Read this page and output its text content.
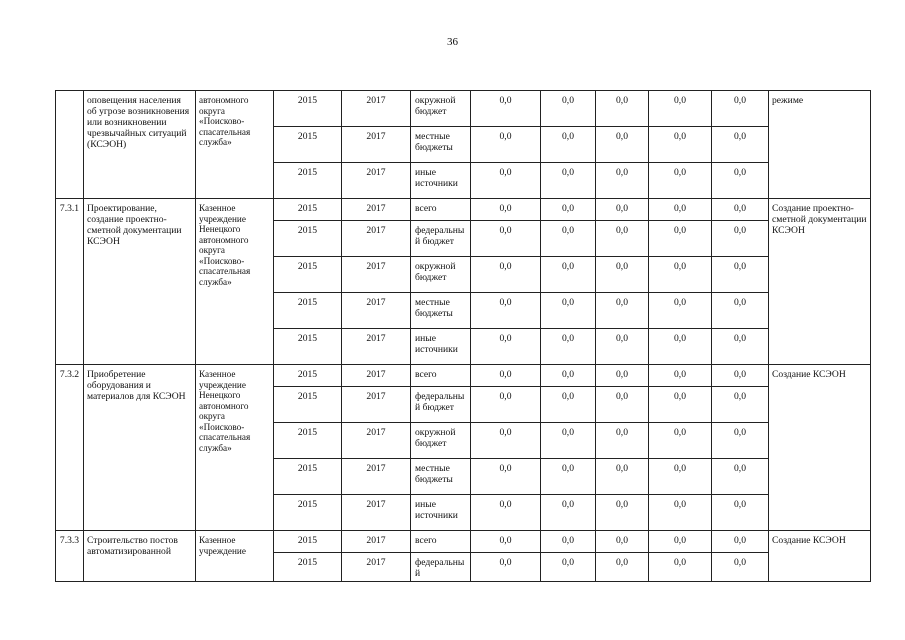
36
	оповещения населения об угрозе возникновения или возникновении чрезвычайных ситуаций (КСЭОН)	автономного округа «Поисково-спасательная служба»	2015	2017	окружной бюджет	0,0	0,0	0,0	0,0	0,0	режиме
			2015	2017	местные бюджеты	0,0	0,0	0,0	0,0	0,0	
			2015	2017	иные источники	0,0	0,0	0,0	0,0	0,0	
7.3.1	Проектирование, создание проектно-сметной документации КСЭОН	Казенное учреждение Ненецкого автономного округа «Поисково-спасательная служба»	2015	2017	всего	0,0	0,0	0,0	0,0	0,0	Создание проектно-сметной документации КСЭОН
			2015	2017	федеральный бюджет	0,0	0,0	0,0	0,0	0,0	
			2015	2017	окружной бюджет	0,0	0,0	0,0	0,0	0,0	
			2015	2017	местные бюджеты	0,0	0,0	0,0	0,0	0,0	
			2015	2017	иные источники	0,0	0,0	0,0	0,0	0,0	
7.3.2	Приобретение оборудования и материалов для КСЭОН	Казенное учреждение Ненецкого автономного округа «Поисково-спасательная служба»	2015	2017	всего	0,0	0,0	0,0	0,0	0,0	Создание КСЭОН
			2015	2017	федеральный бюджет	0,0	0,0	0,0	0,0	0,0	
			2015	2017	окружной бюджет	0,0	0,0	0,0	0,0	0,0	
			2015	2017	местные бюджеты	0,0	0,0	0,0	0,0	0,0	
			2015	2017	иные источники	0,0	0,0	0,0	0,0	0,0	
7.3.3	Строительство постов автоматизированной	Казенное учреждение	2015	2017	всего	0,0	0,0	0,0	0,0	0,0	Создание КСЭОН
			2015	2017	федеральный	0,0	0,0	0,0	0,0	0,0	
